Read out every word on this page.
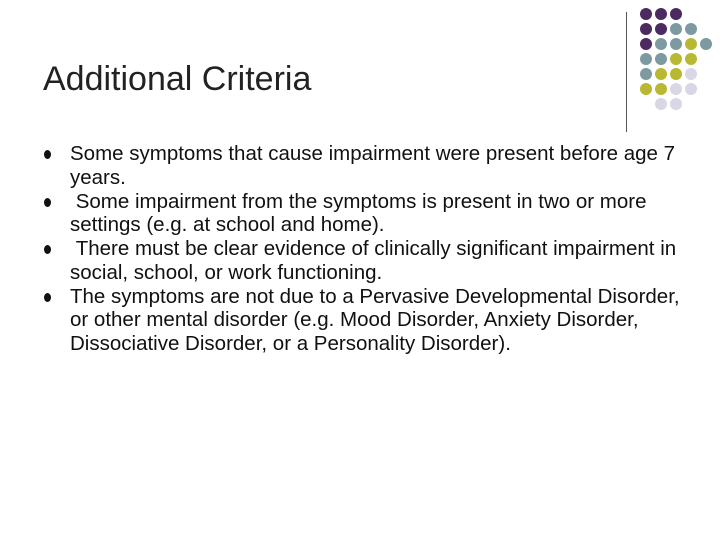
Additional Criteria
Some symptoms that cause impairment were present before age 7 years.
Some impairment from the symptoms is present in two or more settings (e.g. at school and home).
There must be clear evidence of clinically significant impairment in social, school, or work functioning.
The symptoms are not due to a Pervasive Developmental Disorder, or other mental disorder (e.g. Mood Disorder, Anxiety Disorder, Dissociative Disorder, or a Personality Disorder).
